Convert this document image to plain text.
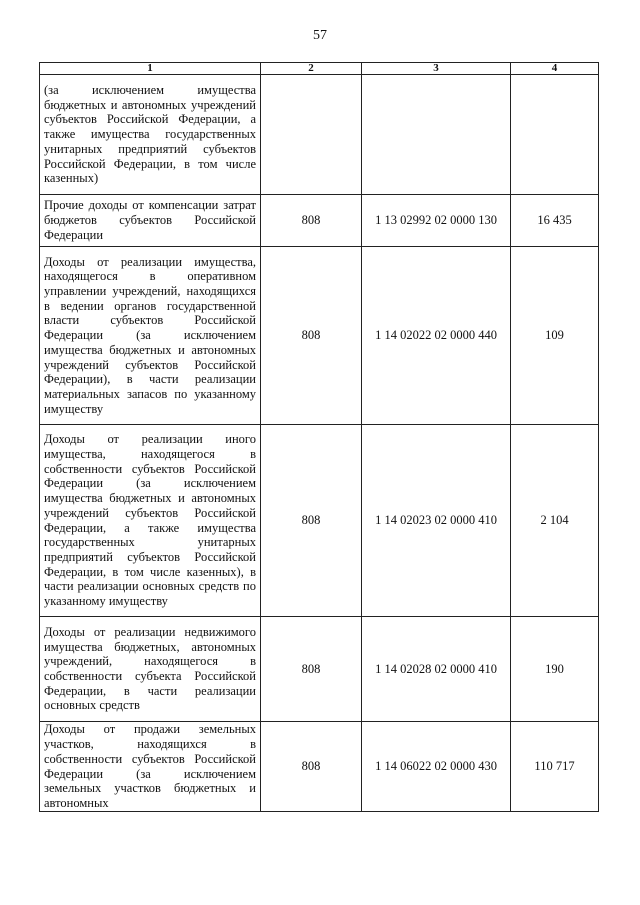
57
1	2	3	4
(за исключением имущества бюджетных и автономных учреждений субъектов Российской Федерации, а также имущества государственных унитарных предприятий субъектов Российской Федерации, в том числе казенных)			
Прочие доходы от компенсации затрат бюджетов субъектов Российской Федерации	808	1 13 02992 02 0000 130	16 435
Доходы от реализации имущества, находящегося в оперативном управлении учреждений, находящихся в ведении органов государственной власти субъектов Российской Федерации (за исключением имущества бюджетных и автономных учреждений субъектов Российской Федерации), в части реализации материальных запасов по указанному имуществу	808	1 14 02022 02 0000 440	109
Доходы от реализации иного имущества, находящегося в собственности субъектов Российской Федерации (за исключением имущества бюджетных и автономных учреждений субъектов Российской Федерации, а также имущества государственных унитарных предприятий субъектов Российской Федерации, в том числе казенных), в части реализации основных средств по указанному имуществу	808	1 14 02023 02 0000 410	2 104
Доходы от реализации недвижимого имущества бюджетных, автономных учреждений, находящегося в собственности субъекта Российской Федерации, в части реализации основных средств	808	1 14 02028 02 0000 410	190
Доходы от продажи земельных участков, находящихся в собственности субъектов Российской Федерации (за исключением земельных участков бюджетных и автономных	808	1 14 06022 02 0000 430	110 717
